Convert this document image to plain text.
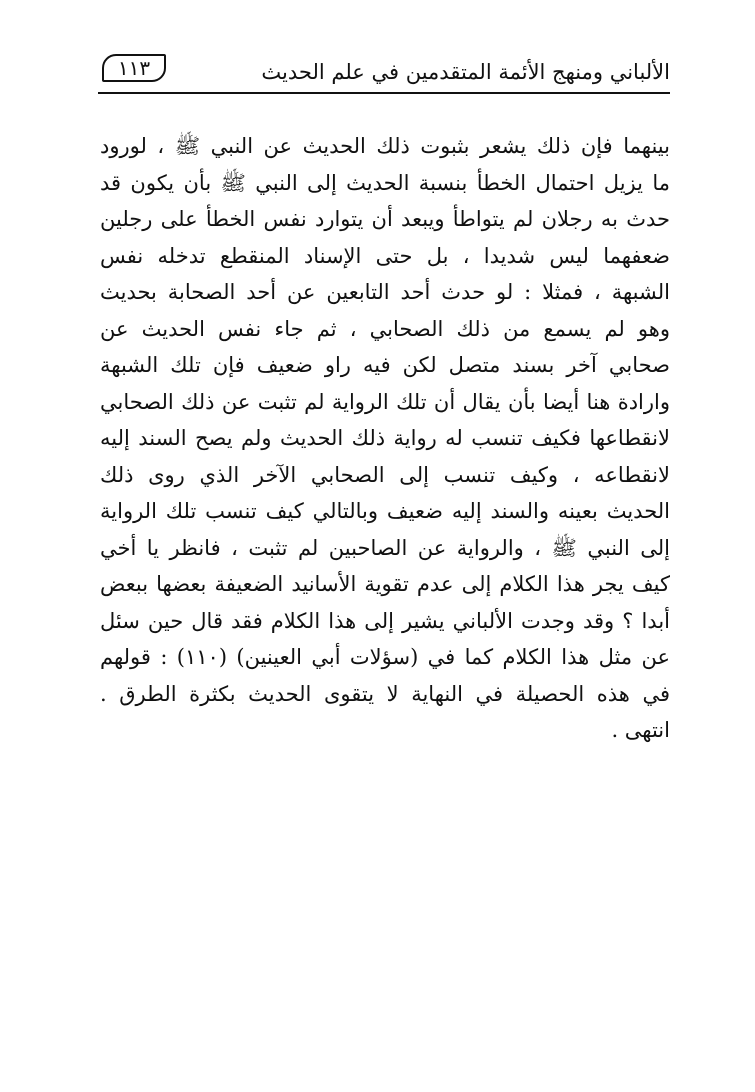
الألباني ومنهج الأئمة المتقدمين في علم الحديث
١١٣
بينهما فإن ذلك يشعر بثبوت ذلك الحديث عن النبي ﷺ ، لورود
ما يزيل احتمال الخطأ بنسبة الحديث إلى النبي ﷺ بأن يكون قد
حدث به رجلان لم يتواطأ ويبعد أن يتوارد نفس الخطأ على رجلين
ضعفهما ليس شديدا ، بل حتى الإسناد المنقطع تدخله نفس
الشبهة ، فمثلا : لو حدث أحد التابعين عن أحد الصحابة بحديث
وهو لم يسمع من ذلك الصحابي ، ثم جاء نفس الحديث عن
صحابي آخر بسند متصل لكن فيه راو ضعيف فإن تلك الشبهة
وارادة هنا أيضا بأن يقال أن تلك الرواية لم تثبت عن ذلك الصحابي
لانقطاعها فكيف تنسب له رواية ذلك الحديث ولم يصح السند إليه
لانقطاعه ، وكيف تنسب إلى الصحابي الآخر الذي روى ذلك
الحديث بعينه والسند إليه ضعيف وبالتالي كيف تنسب تلك الرواية
إلى النبي ﷺ ، والرواية عن الصاحبين لم تثبت ، فانظر يا أخي
كيف يجر هذا الكلام إلى عدم تقوية الأسانيد الضعيفة بعضها ببعض
أبدا ؟ وقد وجدت الألباني يشير إلى هذا الكلام فقد قال حين سئل
عن مثل هذا الكلام كما في (سؤلات أبي العينين) (١١٠) : قولهم
في هذه الحصيلة في النهاية لا يتقوى الحديث بكثرة الطرق .
انتهى .
